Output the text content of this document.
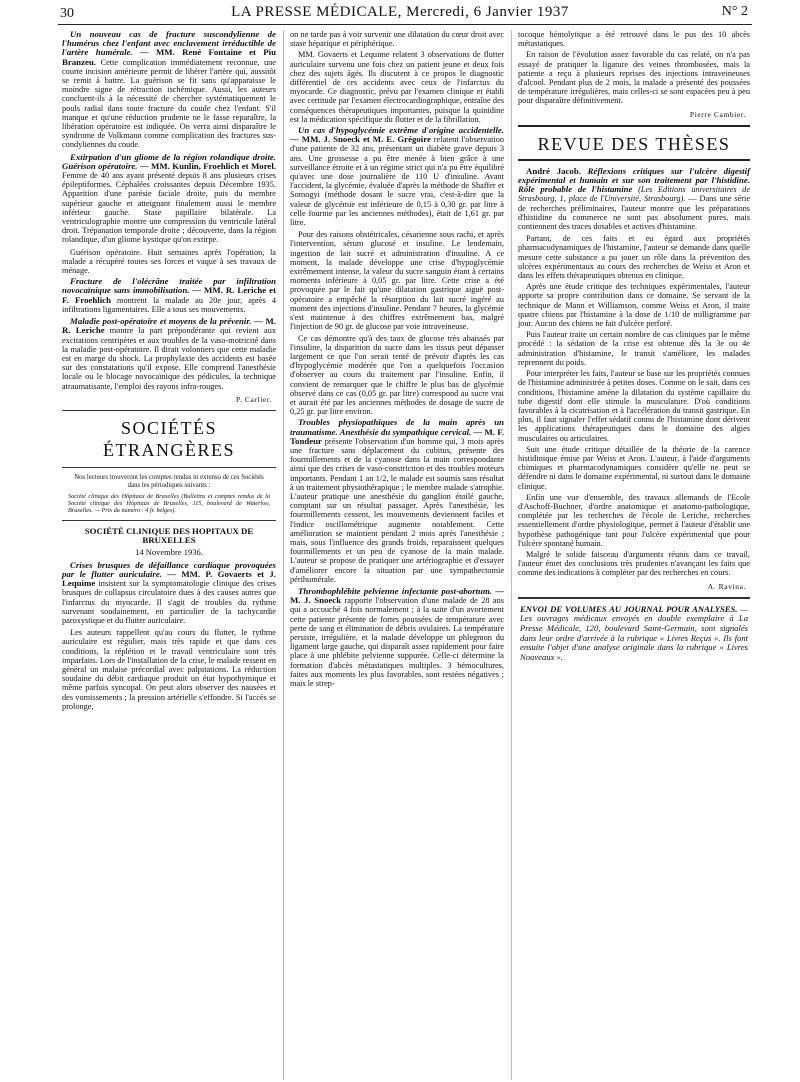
30	LA PRESSE MÉDICALE, Mercredi, 6 Janvier 1937	N° 2

Un nouveau cas de fracture suscondylienne de l'humérus chez l'enfant avec enclavement irréductible de l'artère humérale. — MM. René Fontaine et Piu Branzeu. Cette complication immédiatement reconnue, une courte incision antérieure permit de libérer l'artère qui, aussitôt se remit à battre. La guérison se fit sans qu'apparaisse le moindre signe de rétraction ischémique. Aussi, les auteurs concluent-ils à la nécessité de chercher systématiquement le pouls radial dans toute fracture du coude chez l'enfant. S'il manque et qu'une réduction prudente ne le fasse reparaître, la libération opératoire est indiquée. On verra ainsi disparaître le syndrome de Volkmann comme complication des fractures sus-condyliennes du coude.

Extirpation d'un gliome de la région rolandique droite. Guérison opératoire. — MM. Kunlin, Froehlich et Morel. Femme de 40 ans ayant présenté depuis 8 ans plusieurs crises épileptiformes. Céphalées croissantes depuis Décembre 1935. Apparition d'une parésie faciale droite, puis du membre supérieur gauche et atteignant finalement aussi le membre inférieur gauche. Stase papillaire bilatérale. La ventriculographie montre une compression du ventricule latéral droit. Trépanation temporale droite ; découverte, dans la région rolandique, d'un gliome kystique qu'on extirpe.

Guérison opératoire. Huit semaines après l'opération, la malade a récupéré toutes ses forces et vaque à ses travaux de ménage.

Fracture de l'olécrâne traitée par infiltration novocaïnique sans immobilisation. — MM. R. Leriche et F. Froehlich montrent la malade au 20e jour, après 4 infiltrations ligamentaires. Elle a tous ses mouvements.

Maladie post-opératoire et moyens de la prévenir. — M. R. Leriche montre la part prépondérante qui revient aux excitations centripètes et aux troubles de la vaso-motricité dans la maladie post-opératoire. Il dirait volontiers que cette maladie est en marge du shock. La prophylaxie des accidents est basée sur des constatations qu'il expose. Elle comprend l'anesthésie locale ou le blocage novocaïnique des pédicules, la technique atraumatisante, l'emploi des rayons infra-rouges.

P. Carlier.
SOCIÉTÉS ÉTRANGÈRES
Nos lecteurs trouveront les comptes rendus in extenso de ces Sociétés dans les périodiques suivants :
Société clinique des Hôpitaux de Bruxelles (Bulletins et comptes rendus de la Société clinique des Hôpitaux de Bruxelles, 115, boulevard de Waterloo, Bruxelles. — Prix du numéro : 4 fr. belges).
SOCIÉTÉ CLINIQUE DES HOPITAUX DE BRUXELLES
14 Novembre 1936.

Crises brusques de défaillance cardiaque provoquées par le flutter auriculaire. — MM. P. Govaerts et J. Lequime insistent sur la symptomatologie clinique des crises brusques de collapsus circulatoire dues à des causes autres que l'infarctus du myocarde. Il s'agit de troubles du rythme survenant soudainement, en particulier de la tachycardie paroxystique et du flutter auriculaire.

Les auteurs rappellent qu'au cours du flutter, le rythme auriculaire est régulier, mais très rapide et que dans ces conditions, la réplétion et le travail ventriculaire sont très imparfaits. Lors de l'installation de la crise, le malade ressent en général un malaise précordial avec palpitations. La réduction soudaine du débit cardiaque produit un état hypothymique et même parfois syncopal. On peut alors observer des nausées et des vomissements ; la pression artérielle s'effondre. Si l'accès se prolonge,

on ne tarde pas à voir survenir une dilatation du cœur droit avec stase hépatique et périphérique.

MM. Govaerts et Lequime relatent 3 observations de flutter auriculaire survenu une fois chez un patient jeune et deux fois chez des sujets âgés. Ils discutent à ce propos le diagnostic différentiel de ces accidents avec ceux de l'infarctus du myocarde. Ce diagnostic, prévu par l'examen clinique et établi avec certitude par l'examen électrocardiographique, entraîne des conséquences thérapeutiques importantes, puisque la quinidine est la médication spécifique du flutter et de la fibrillation.

Un cas d'hypoglycémie extrême d'origine accidentelle. — MM. J. Snoeck et M. E. Grégoire relatent l'observation d'une patiente de 32 ans, présentant un diabète grave depuis 3 ans. Une grossesse a pu être menée à bien grâce à une surveillance étroite et à un régime strict qui n'a pu être équilibré qu'avec une dose journalière de 110 U d'insuline. Avant l'accident, la glycémie, évaluée d'après la méthode de Shaffer et Somogyi (méthode dosant le sucre vrai, c'est-à-dire que la valeur de glycémie est inférieure de 0,15 à 0,30 gr. par litre à celle fournie par les anciennes méthodes), était de 1,61 gr. par litre.

Pour des raisons obstétricales, césarienne sous rachi, et après l'intervention, sérum glucosé et insuline. Le lendemain, ingestion de lait sucré et administration d'insuline. A ce moment, la malade développe une crise d'hypoglycémie extrêmement intense, la valeur du sucre sanguin étant à certains moments inférieure à 0,05 gr. par litre. Cette crise a été provoquée par le fait qu'une dilatation gastrique aiguë post-opératoire a empêché la résorption du lait sucré ingéré au moment des injections d'insuline. Pendant 7 heures, la glycémie s'est maintenue à des chiffres extrêmement bas, malgré l'injection de 90 gr. de glucose par voie intraveineuse.

Ce cas démontre qu'à des taux de glucose très abaissés par l'insuline, la disparition du sucre dans les tissus peut dépasser largement ce que l'on serait tenté de prévoir d'après les cas d'hypoglycémie modérée que l'on a quelquefois l'occasion d'observer au cours du traitement par l'insuline. Enfin, il convient de remarquer que le chiffre le plus bas de glycémie observé dans ce cas (0,05 gr. par litre) correspond au sucre vrai et aurait été par les anciennes méthodes de dosage de sucre de 0,25 gr. par litre environ.

Troubles physiopathiques de la main après un traumatisme. Anesthésie du sympathique cervical. — M. F. Tondeur présente l'observation d'un homme qui, 3 mois après une fracture sans déplacement du cubitus, présente des fourmillements et de la cyanose dans la main correspondante ainsi que des crises de vaso-constriction et des troubles moteurs importants. Pendant 1 an 1/2, le malade est soumis sans résultat à un traitement physiothérapique ; le membre malade s'atrophie. L'auteur pratique une anesthésie du ganglion étoilé gauche, comptant sur un résultat passager. Après l'anesthésie, les fourmillements cessent, les mouvements deviennent faciles et l'indice oscillométrique augmente notablement. Cette amélioration se maintient pendant 2 mois après l'anesthésie ; mais, sous l'influence des grands froids, reparaissent quelques fourmillements et un peu de cyanose de la main malade. L'auteur se propose de pratiquer une artériographie et d'essayer d'améliorer encore la situation par une sympathectomie périhumérale.

Thrombophlébite pelvienne infectante post-abortum. — M. J. Snoeck rapporte l'observation d'une malade de 28 ans qui a accouché 4 fois normalement ; à la suite d'un avortement cette patiente présente de fortes poussées de température avec perte de sang et élimination de débris ovulaires. La température persiste, irrégulière, et la malade développe un phlegmon du ligament large gauche, qui disparaît assez rapidement pour faire place à une phlébite pelvienne suppurée. Celle-ci détermine la formation d'abcès métastatiques multiples. 3 hémocultures, faites aux moments les plus favorables, sont restées négatives ; mais le strep-

tocoque hémolytique a été retrouvé dans le pus des 10 abcès métastatiques.

En raison de l'évolution assez favorable du cas relaté, on n'a pas essayé de pratiquer la ligature des veines thrombosées, mais la patiente a reçu à plusieurs reprises des injections intraveineuses d'alcool. Pendant plus de 2 mois, la malade a présenté des poussées de température irrégulières, mais celles-ci se sont espacées peu à peu pour disparaître définitivement.

Pierre Cambier.
REVUE DES THÈSES

André Jacob. Réflexions critiques sur l'ulcère digestif expérimental et humain et sur son traitement par l'histidine. Rôle probable de l'histamine (Les Editions universitaires de Strasbourg, 1, place de l'Université, Strasbourg). — Dans une série de recherches préliminaires, l'auteur montre que les préparations d'histidine du commerce ne sont pas absolument pures, mais contiennent des traces dosables et actives d'histamine.

Partant, de ces faits et eu égard aux propriétés pharmacodynamiques de l'histamine, l'auteur se demande dans quelle mesure cette substance a pu jouer un rôle dans la prévention des ulcères expérimentaux au cours des recherches de Weiss et Aron et dans les effets thérapeutiques obtenus en clinique.

Après une étude critique des techniques expérimentales, l'auteur apporte sa propre contribution dans ce domaine. Se servant de la technique de Mann et Williamson, comme Weiss et Aron, il traite quatre chiens par l'histamine à la dose de 1/10 de milligramme par jour. Aucun des chiens ne fait d'ulcère perforé.

Puis l'auteur traite un certain nombre de cas cliniques par le même procédé : la sédation de la crise est obtenue dès la 3e ou 4e administration d'histamine, le transit s'améliore, les malades reprennent du poids.

Pour interpréter les faits, l'auteur se base sur les propriétés connues de l'histamine administrée à petites doses. Comme on le sait, dans ces conditions, l'histamine amène la dilatation du système capillaire du tube digestif dont elle stimule la musculature. D'où conditions favorables à la cicatrisation et à l'accélération du transit gastrique. En plus, il faut signaler l'effet sédatif connu de l'histamine dont dérivent les applications thérapeutiques dans le domaine des algies musculaires ou articulaires.

Suit une étude critique détaillée de la théorie de la carence histidinique émise par Weiss et Aron. L'auteur, à l'aide d'arguments chimiques et pharmacodynamiques considère qu'elle ne peut se défendre ni dans le domaine expérimental, ni surtout dans le domaine clinique.

Enfin une vue d'ensemble, des travaux allemands de l'Ecole d'Aschoff-Buchner, d'ordre anatomique et anatomo-pathologique, complétée par les recherches de l'école de Leriche, recherches essentiellement d'ordre physiologique, permet à l'auteur d'établir une hypothèse pathogénique tant pour l'ulcère expérimental que pour l'ulcère spontané humain.

Malgré le solide faisceau d'arguments réunis dans ce travail, l'auteur émet des conclusions très prudentes n'avançant les faits que comme des indications à compléter par des recherches en cours.

A. Ravina.

ENVOI DE VOLUMES AU JOURNAL POUR ANALYSES. — Les ouvrages médicaux envoyés en double exemplaire à La Presse Médicale, 120, boulevard Saint-Germain, sont signalés dans leur ordre d'arrivée à la rubrique « Livres Reçus ». Ils font ensuite l'objet d'une analyse originale dans la rubrique « Livres Nouveaux ».
